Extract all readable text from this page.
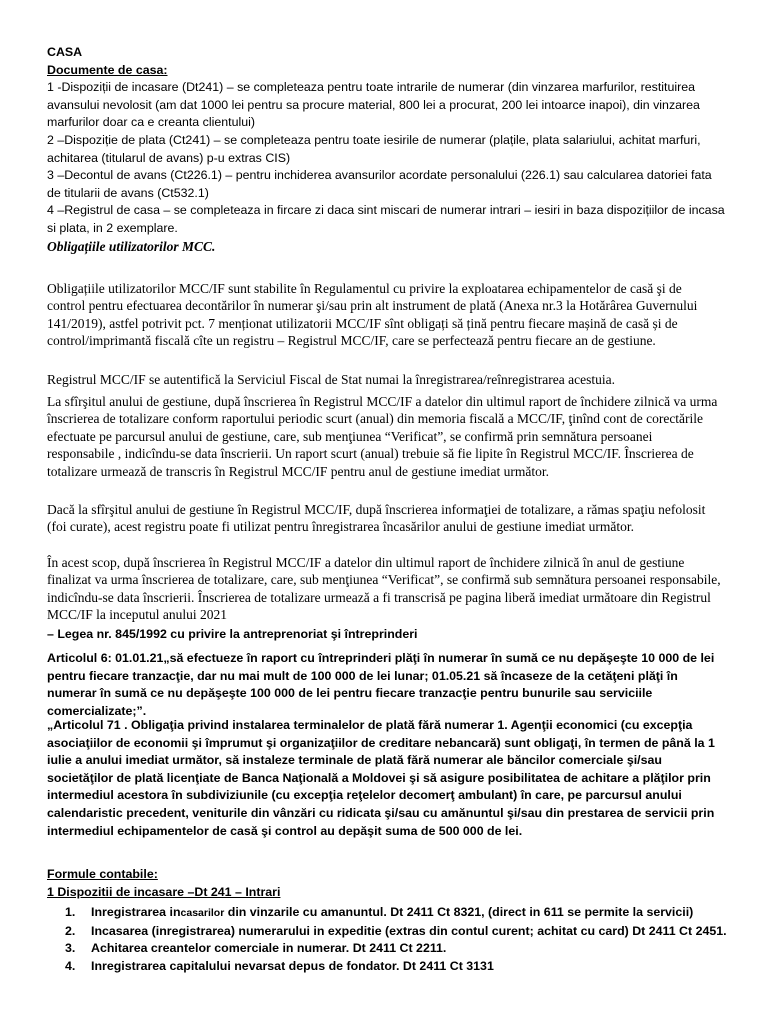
CASA
Documente de casa:
1 -Dispoziții de incasare (Dt241) – se completeaza pentru toate intrarile de numerar (din vinzarea marfurilor, restituirea avansului nevolosit (am dat 1000 lei pentru sa procure material, 800 lei a procurat, 200 lei intoarce inapoi), din vinzarea marfurilor doar ca e creanta clientului)
2 –Dispoziție de plata (Ct241) – se completeaza pentru toate iesirile de numerar (plațile, plata salariului, achitat marfuri, achitarea (titularul de avans) p-u extras CIS)
3 –Decontul de avans (Ct226.1) – pentru inchiderea avansurilor acordate personalului (226.1) sau calcularea datoriei fata de titularii de avans (Ct532.1)
4 –Registrul de casa – se completeaza in fircare zi daca sint miscari de numerar intrari – iesiri in baza dispozițiilor de incasa si plata, in 2 exemplare.
Obligațiile utilizatorilor MCC.

Obligațiile utilizatorilor MCC/IF sunt stabilite în Regulamentul cu privire la exploatarea echipamentelor de casă şi de control pentru efectuarea decontărilor în numerar şi/sau prin alt instrument de plată (Anexa nr.3 la Hotărârea Guvernului 141/2019), astfel potrivit pct. 7 menționat utilizatorii MCC/IF sînt obligați să țină pentru fiecare mașină de casă și de control/imprimantă fiscală cîte un registru – Registrul MCC/IF, care se perfectează pentru fiecare an de gestiune.

Registrul MCC/IF se autentifică la Serviciul Fiscal de Stat numai la înregistrarea/reînregistrarea acestuia.

La sfîrşitul anului de gestiune, după înscrierea în Registrul MCC/IF a datelor din ultimul raport de închidere zilnică va urma înscrierea de totalizare conform raportului periodic scurt (anual) din memoria fiscală a MCC/IF, ţinînd cont de corectările efectuate pe parcursul anului de gestiune, care, sub menţiunea “Verificat”, se confirmă prin semnătura persoanei responsabile , indicîndu-se data înscrierii. Un raport scurt (anual) trebuie să fie lipite în Registrul MCC/IF. Înscrierea de totalizare urmează de transcris în Registrul MCC/IF pentru anul de gestiune imediat următor.

Dacă la sfîrşitul anului de gestiune în Registrul MCC/IF, după înscrierea informaţiei de totalizare, a rămas spaţiu nefolosit (foi curate), acest registru poate fi utilizat pentru înregistrarea încasărilor anului de gestiune imediat următor.

În acest scop, după înscrierea în Registrul MCC/IF a datelor din ultimul raport de închidere zilnică în anul de gestiune finalizat va urma înscrierea de totalizare, care, sub menţiunea “Verificat”, se confirmă sub semnătura persoanei responsabile, indicîndu-se data înscrierii. Înscrierea de totalizare urmează a fi transcrisă pe pagina liberă imediat următoare din Registrul MCC/IF la inceputul anului 2021

– Legea nr. 845/1992 cu privire la antreprenoriat şi întreprinderi

Articolul 6: 01.01.21„să efectueze în raport cu întreprinderi plăţi în numerar în sumă ce nu depăşeşte 10 000 de lei pentru fiecare tranzacţie, dar nu mai mult de 100 000 de lei lunar; 01.05.21 să încaseze de la cetăţeni plăţi în numerar în sumă ce nu depăşeşte 100 000 de lei pentru fiecare tranzacţie pentru bunurile sau serviciile comercializate;”.

„Articolul 71 . Obligaţia privind instalarea terminalelor de plată fără numerar 1. Agenţii economici (cu excepţia asociaţiilor de economii şi împrumut şi organizaţiilor de creditare nebancară) sunt obligaţi, în termen de până la 1 iulie a anului imediat următor, să instaleze terminale de plată fără numerar ale băncilor comerciale şi/sau societăţilor de plată licenţiate de Banca Naţională a Moldovei şi să asigure posibilitatea de achitare a plăţilor prin intermediul acestora în subdiviziunile (cu excepţia reţelelor decomerţ ambulant) în care, pe parcursul anului calendaristic precedent, veniturile din vânzări cu ridicata şi/sau cu amănuntul şi/sau din prestarea de servicii prin intermediul echipamentelor de casă şi control au depăşit suma de 500 000 de lei.

Formule contabile:
1 Dispozitii de incasare –Dt 241 – Intrari
1. Inregistrarea incasarilor din vinzarile cu amanuntul. Dt 2411 Ct 8321, (direct in 611 se permite la servicii)
2. Incasarea (inregistrarea) numerarului in expeditie (extras din contul curent; achitat cu card) Dt 2411 Ct 2451.
3. Achitarea creantelor comerciale in numerar. Dt 2411 Ct 2211.
4. Inregistrarea capitalului nevarsat depus de fondator. Dt 2411 Ct 3131
